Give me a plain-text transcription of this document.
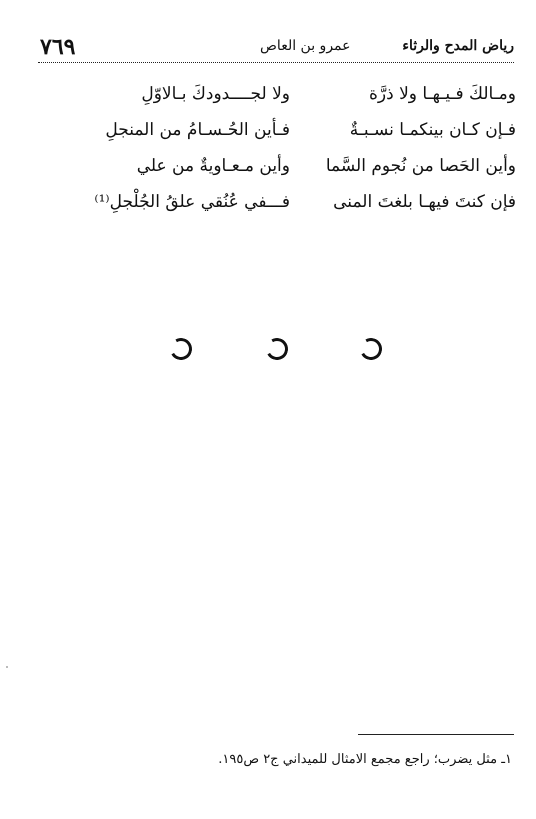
رياض المدح والرثاء
عمرو بن العاص
٧٦٩
ومـالكَ فـيـهـا ولا ذرَّة
ولا لجــــدودكَ بـالاوّلِ
فـإن كـان بينكمـا نسـبـةٌ
فـأين الحُـسـامُ من المنجلِ
وأين الحَصا من نُجوم السَّما
وأين مـعـاويةٌ من علي
فإن كنتَ فيهـا بلغتَ المنى
فـــفي عُنُقي علقُ الجُلْجلِ⁽¹⁾
١ـ مثل يضرب؛ راجع مجمع الامثال للميداني ج٢ ص١٩٥.
